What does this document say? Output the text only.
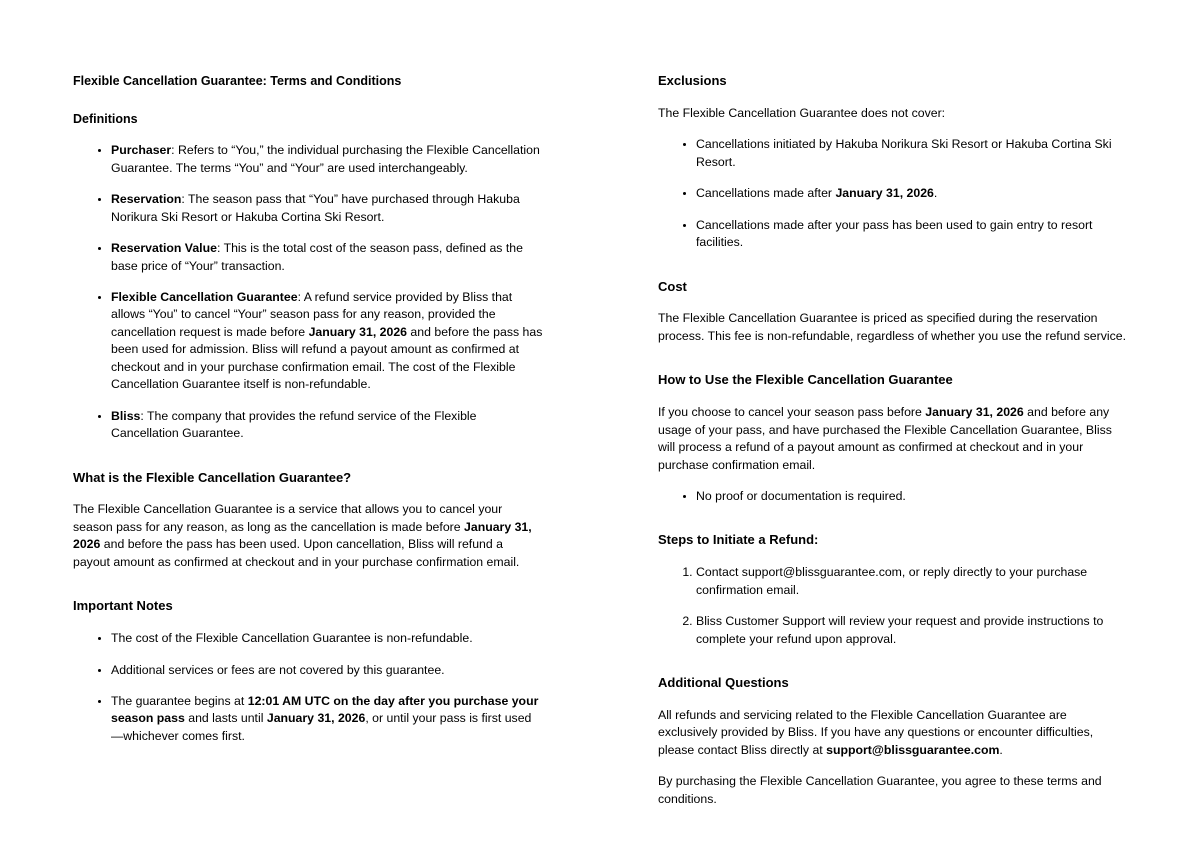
Flexible Cancellation Guarantee: Terms and Conditions
Definitions
• Purchaser: Refers to “You,” the individual purchasing the Flexible Cancellation Guarantee. The terms “You” and “Your” are used interchangeably.
• Reservation: The season pass that “You” have purchased through Hakuba Norikura Ski Resort or Hakuba Cortina Ski Resort.
• Reservation Value: This is the total cost of the season pass, defined as the base price of “Your” transaction.
• Flexible Cancellation Guarantee: A refund service provided by Bliss that allows “You” to cancel “Your” season pass for any reason, provided the cancellation request is made before January 31, 2026 and before the pass has been used for admission. Bliss will refund a payout amount as confirmed at checkout and in your purchase confirmation email. The cost of the Flexible Cancellation Guarantee itself is non-refundable.
• Bliss: The company that provides the refund service of the Flexible Cancellation Guarantee.
What is the Flexible Cancellation Guarantee?

The Flexible Cancellation Guarantee is a service that allows you to cancel your season pass for any reason, as long as the cancellation is made before January 31, 2026 and before the pass has been used. Upon cancellation, Bliss will refund a payout amount as confirmed at checkout and in your purchase confirmation email.

Important Notes
• The cost of the Flexible Cancellation Guarantee is non-refundable.
• Additional services or fees are not covered by this guarantee.
• The guarantee begins at 12:01 AM UTC on the day after you purchase your season pass and lasts until January 31, 2026, or until your pass is first used—whichever comes first.
Exclusions

The Flexible Cancellation Guarantee does not cover:

• Cancellations initiated by Hakuba Norikura Ski Resort or Hakuba Cortina Ski Resort.
• Cancellations made after January 31, 2026.
• Cancellations made after your pass has been used to gain entry to resort facilities.
Cost

The Flexible Cancellation Guarantee is priced as specified during the reservation process. This fee is non-refundable, regardless of whether you use the refund service.

How to Use the Flexible Cancellation Guarantee

If you choose to cancel your season pass before January 31, 2026 and before any usage of your pass, and have purchased the Flexible Cancellation Guarantee, Bliss will process a refund of a payout amount as confirmed at checkout and in your purchase confirmation email.

• No proof or documentation is required.
Steps to Initiate a Refund:
1. Contact support@blissguarantee.com, or reply directly to your purchase confirmation email.
2. Bliss Customer Support will review your request and provide instructions to complete your refund upon approval.
Additional Questions

All refunds and servicing related to the Flexible Cancellation Guarantee are exclusively provided by Bliss. If you have any questions or encounter difficulties, please contact Bliss directly at support@blissguarantee.com.

By purchasing the Flexible Cancellation Guarantee, you agree to these terms and conditions.
